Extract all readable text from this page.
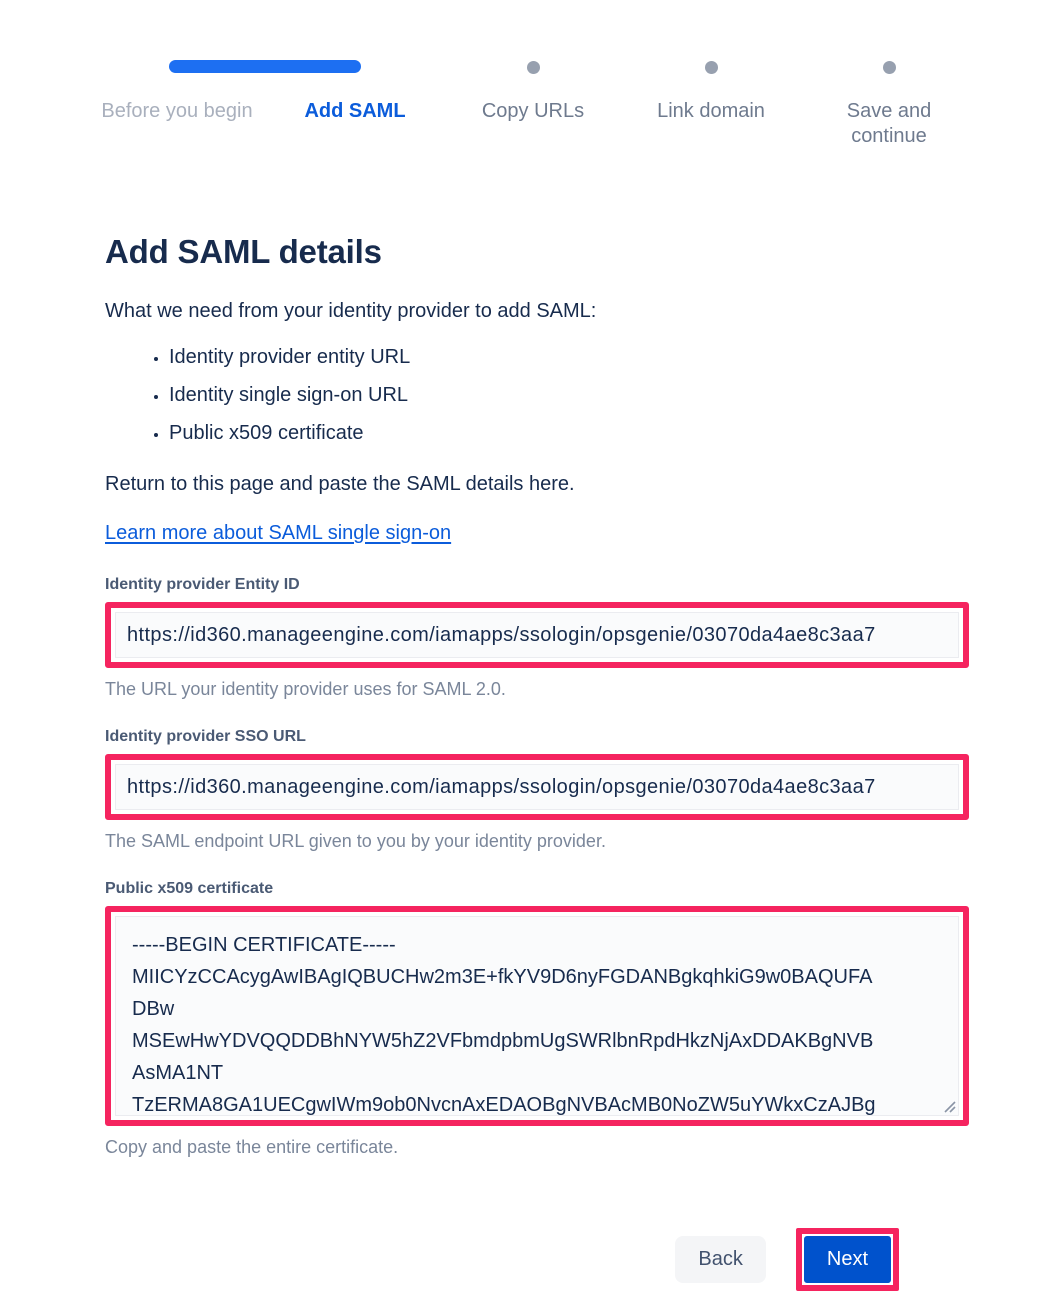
Before you begin	Add SAML	Copy URLs	Link domain	Save and continue
Add SAML details

What we need from your identity provider to add SAML:

• Identity provider entity URL
• Identity single sign-on URL
• Public x509 certificate

Return to this page and paste the SAML details here.

Learn more about SAML single sign-on
Identity provider Entity ID
https://id360.manageengine.com/iamapps/ssologin/opsgenie/03070da4ae8c3aa7
The URL your identity provider uses for SAML 2.0.
Identity provider SSO URL
https://id360.manageengine.com/iamapps/ssologin/opsgenie/03070da4ae8c3aa7
The SAML endpoint URL given to you by your identity provider.
Public x509 certificate
-----BEGIN CERTIFICATE----- MIICYzCCAcygAwIBAgIQBUCHw2m3E+fkYV9D6nyFGDANBgkqhkiG9w0BAQUFA DBw MSEwHwYDVQQDDBhNYW5hZ2VFbmdpbmUgSWRlbnRpdHkzNjAxDDAKBgNVB AsMA1NT TzERMA8GA1UECgwIWm9ob0NvcnAxEDAOBgNVBAcMB0NoZW5uYWkxCzAJBg
Copy and paste the entire certificate.
Back	Next
